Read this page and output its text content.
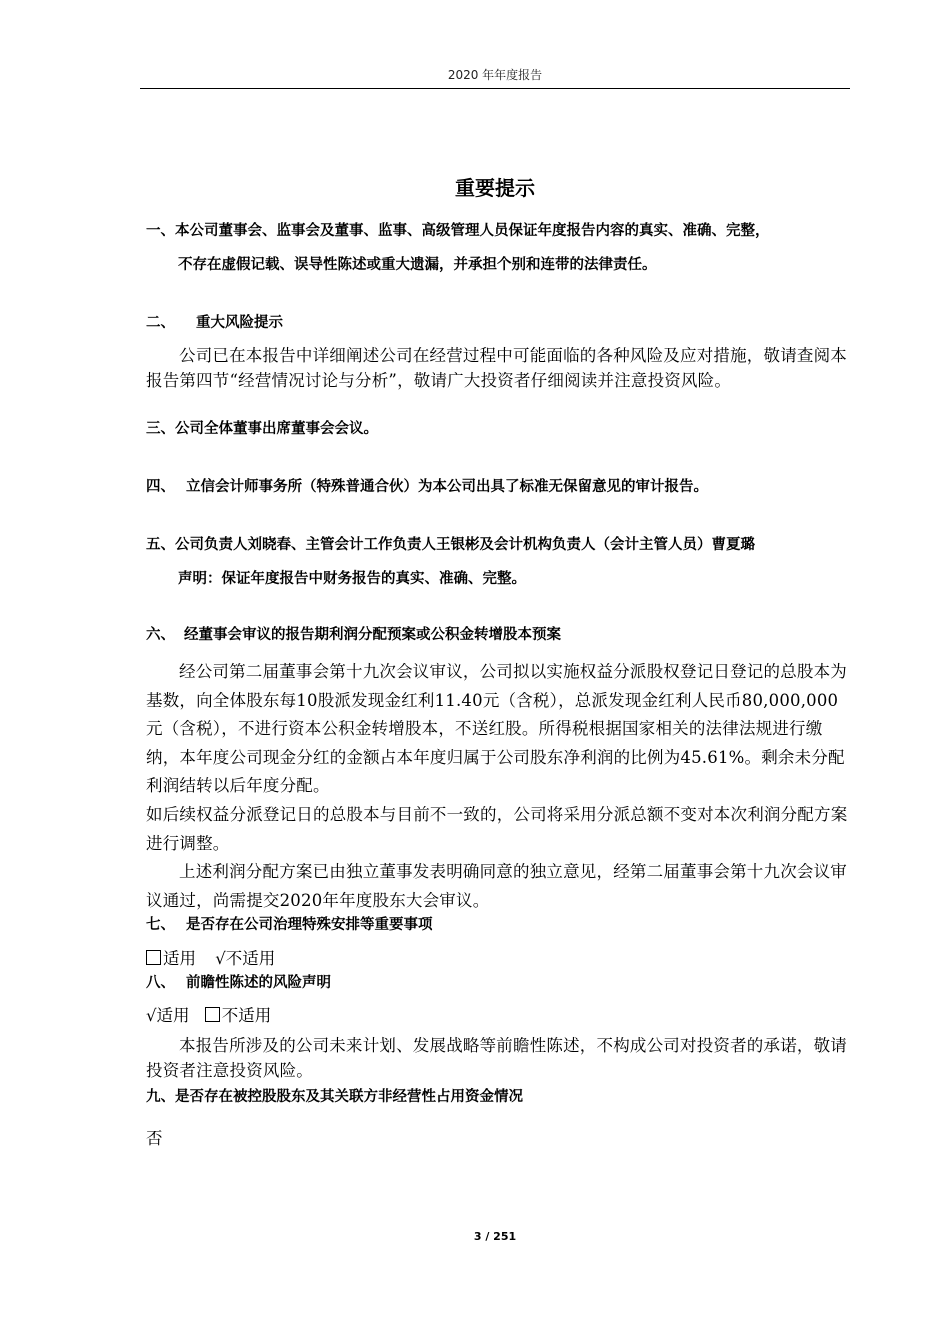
2020 年年度报告
重要提示
一、本公司董事会、监事会及董事、监事、高级管理人员保证年度报告内容的真实、准确、完整，
不存在虚假记载、误导性陈述或重大遗漏，并承担个别和连带的法律责任。
二、 重大风险提示
公司已在本报告中详细阐述公司在经营过程中可能面临的各种风险及应对措施，敬请查阅本报告第四节“经营情况讨论与分析”，敬请广大投资者仔细阅读并注意投资风险。
三、公司全体董事出席董事会会议。
四、 立信会计师事务所（特殊普通合伙）为本公司出具了标准无保留意见的审计报告。
五、公司负责人刘晓春、主管会计工作负责人王银彬及会计机构负责人（会计主管人员）曹夏璐
声明：保证年度报告中财务报告的真实、准确、完整。
六、 经董事会审议的报告期利润分配预案或公积金转增股本预案
经公司第二届董事会第十九次会议审议，公司拟以实施权益分派股权登记日登记的总股本为基数，向全体股东每10股派发现金红利11.40元（含税），总派发现金红利人民币80,000,000元（含税），不进行资本公积金转增股本，不送红股。所得税根据国家相关的法律法规进行缴纳，本年度公司现金分红的金额占本年度归属于公司股东净利润的比例为45.61%。剩余未分配利润结转以后年度分配。
如后续权益分派登记日的总股本与目前不一致的，公司将采用分派总额不变对本次利润分配方案进行调整。
上述利润分配方案已由独立董事发表明确同意的独立意见，经第二届董事会第十九次会议审议通过，尚需提交2020年年度股东大会审议。
七、 是否存在公司治理特殊安排等重要事项
适用 √不适用
八、 前瞻性陈述的风险声明
√适用 不适用
本报告所涉及的公司未来计划、发展战略等前瞻性陈述，不构成公司对投资者的承诺，敬请投资者注意投资风险。
九、是否存在被控股股东及其关联方非经营性占用资金情况
否
3 / 251
